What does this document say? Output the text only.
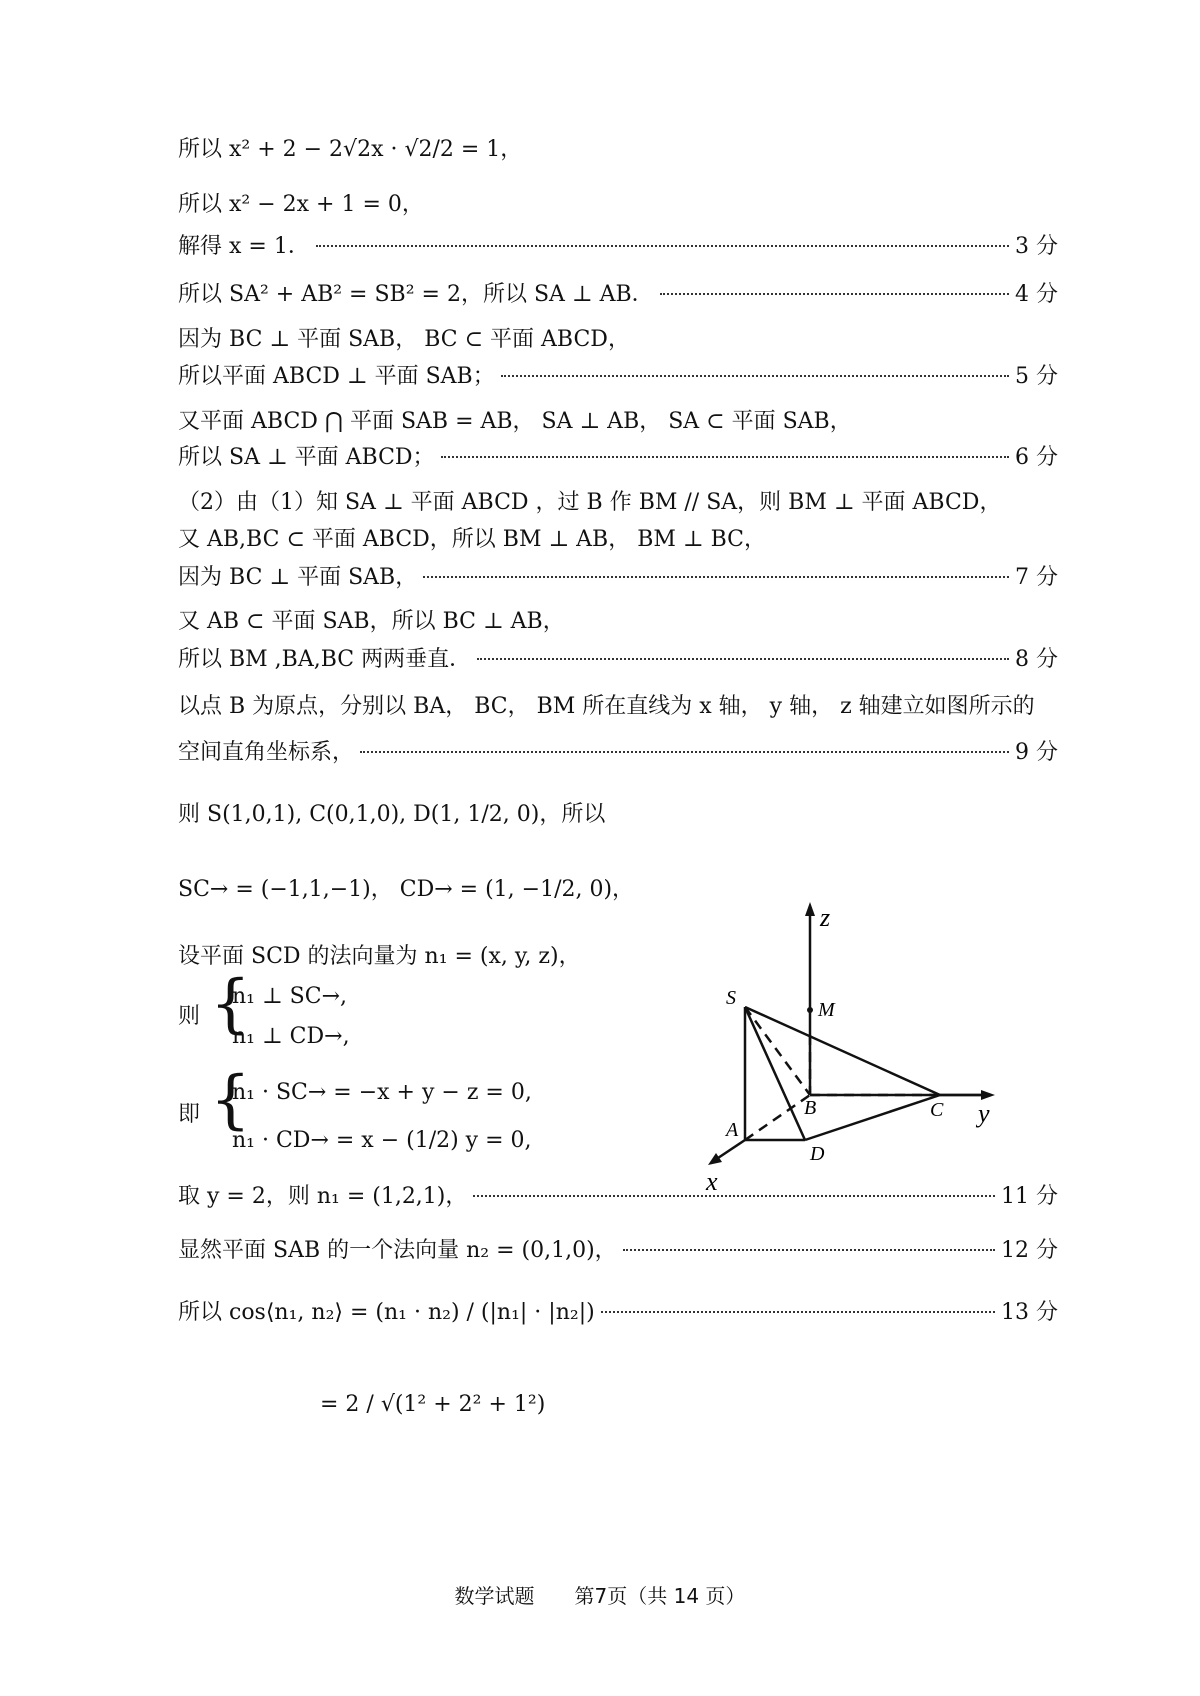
所以 x² + 2 − 2√2x · √2/2 = 1，
所以 x² − 2x + 1 = 0，
解得 x = 1．	3 分
所以 SA² + AB² = SB² = 2，所以 SA ⊥ AB．	4 分
因为 BC ⊥ 平面 SAB， BC ⊂ 平面 ABCD，
所以平面 ABCD ⊥ 平面 SAB；	5 分
又平面 ABCD ⋂ 平面 SAB = AB， SA ⊥ AB， SA ⊂ 平面 SAB，
所以 SA ⊥ 平面 ABCD；	6 分
（2）由（1）知 SA ⊥ 平面 ABCD ，过 B 作 BM // SA，则 BM ⊥ 平面 ABCD，
又 AB,BC ⊂ 平面 ABCD，所以 BM ⊥ AB， BM ⊥ BC，
因为 BC ⊥ 平面 SAB，	7 分
又 AB ⊂ 平面 SAB，所以 BC ⊥ AB，
所以 BM ,BA,BC 两两垂直．	8 分
以点 B 为原点，分别以 BA， BC， BM 所在直线为 x 轴， y 轴， z 轴建立如图所示的
空间直角坐标系，	9 分
则 S(1,0,1), C(0,1,0), D(1, 1/2, 0)，所以
SC→ = (−1,1,−1)， CD→ = (1, −1/2, 0)，
设平面 SCD 的法向量为 n₁ = (x, y, z)，
则 {
n₁ ⊥ SC→,
n₁ ⊥ CD→,
即 {
n₁ · SC→ = −x + y − z = 0,
n₁ · CD→ = x − (1/2) y = 0,
取 y = 2，则 n₁ = (1,2,1)，	11 分
显然平面 SAB 的一个法向量 n₂ = (0,1,0)，	12 分
所以 cos⟨n₁, n₂⟩ = (n₁ · n₂) / (|n₁| · |n₂|)	13 分
= 2 / √(1² + 2² + 1²)
z
y
x
S
M
B	C
A
D
数学试题　　第7页（共 14 页）
